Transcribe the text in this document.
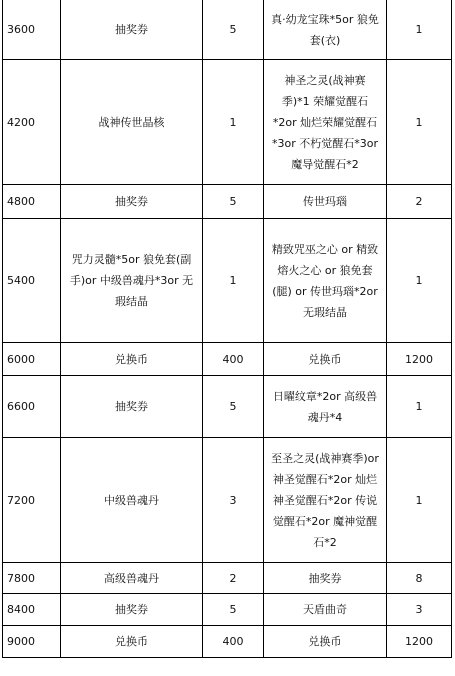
3600	抽奖券	5	真·幼龙宝珠*5or 狼免套(衣)	1
4200	战神传世晶核	1	神圣之灵(战神赛季)*1 荣耀觉醒石*2or 灿烂荣耀觉醒石*3or 不朽觉醒石*3or 魔导觉醒石*2	1
4800	抽奖券	5	传世玛瑙	2
5400	咒力灵髓*5or 狼免套(副手)or 中级兽魂丹*3or 无瑕结晶	1	精致咒巫之心 or 精致熔火之心 or 狼免套(腿) or 传世玛瑙*2or 无瑕结晶	1
6000	兑换币	400	兑换币	1200
6600	抽奖券	5	日曜纹章*2or 高级兽魂丹*4	1
7200	中级兽魂丹	3	至圣之灵(战神赛季)or 神圣觉醒石*2or 灿烂神圣觉醒石*2or 传说觉醒石*2or 魔神觉醒石*2	1
7800	高级兽魂丹	2	抽奖券	8
8400	抽奖券	5	天盾曲奇	3
9000	兑换币	400	兑换币	1200
